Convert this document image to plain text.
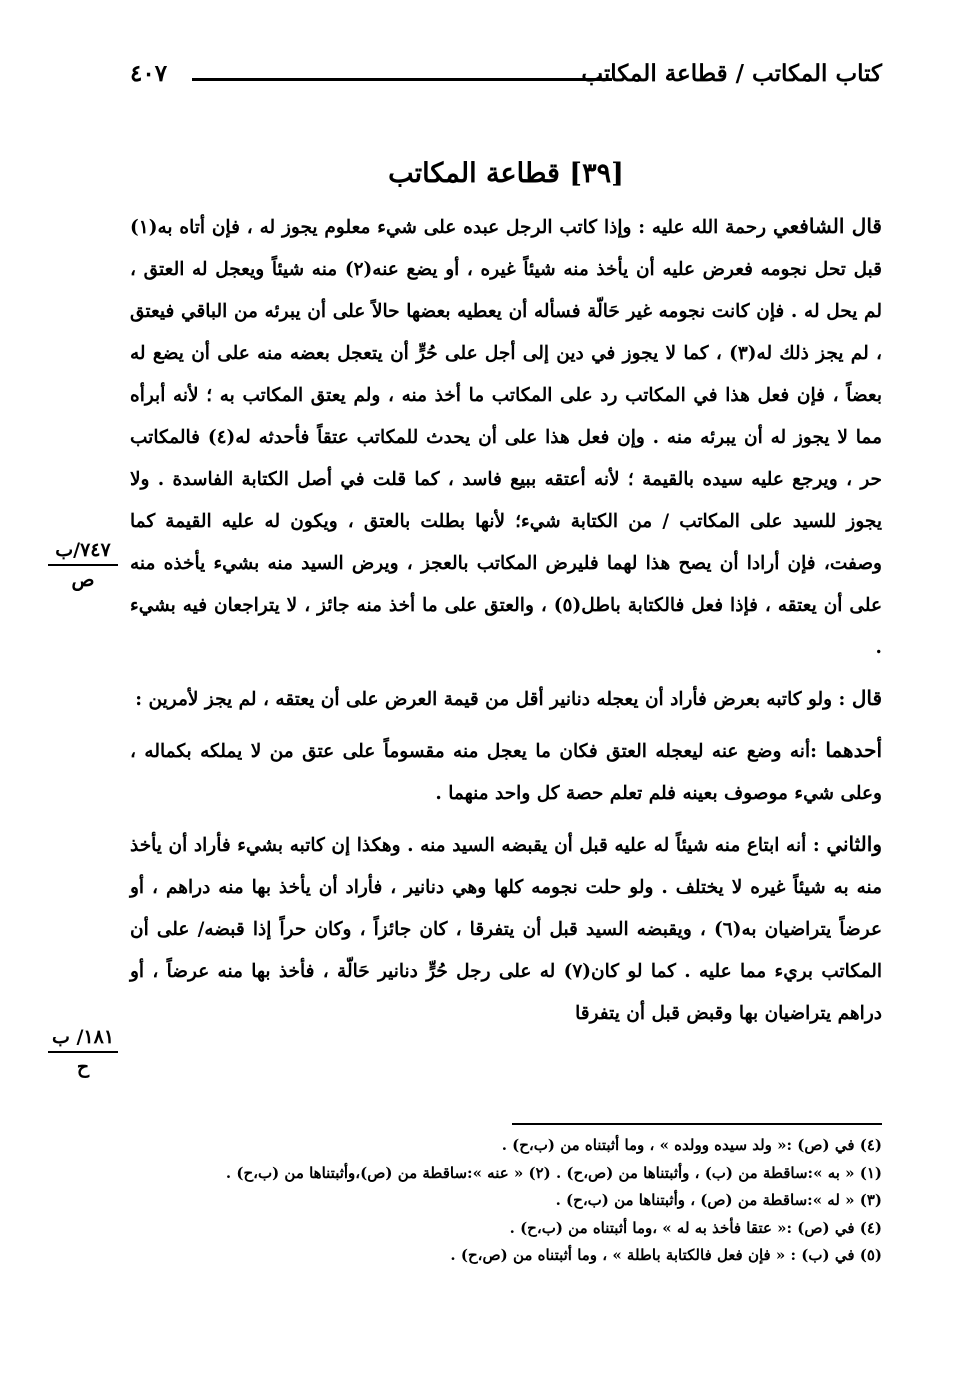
كتاب المكاتب / قطاعة المكاتب
٤٠٧
[٣٩] قطاعة المكاتب

قال الشافعي رحمة الله عليه : وإذا كاتب الرجل عبده على شيء معلوم يجوز له ، فإن أتاه به(١) قبل تحل نجومه فعرض عليه أن يأخذ منه شيئاً غيره ، أو يضع عنه(٢) منه شيئاً ويعجل له العتق ، لم يحل له . فإن كانت نجومه غير حَالّة فسأله أن يعطيه بعضها حالاً على أن يبرئه من الباقي فيعتق ، لم يجز ذلك له(٣) ، كما لا يجوز في دين إلى أجل على حُرٍّ أن يتعجل بعضه منه على أن يضع له بعضاً ، فإن فعل هذا في المكاتب رد على المكاتب ما أخذ منه ، ولم يعتق المكاتب به ؛ لأنه أبرأه مما لا يجوز له أن يبرئه منه . وإن فعل هذا على أن يحدث للمكاتب عتقاً فأحدثه له(٤) فالمكاتب حر ، ويرجع عليه سيده بالقيمة ؛ لأنه أعتقه ببيع فاسد ، كما قلت في أصل الكتابة الفاسدة . ولا يجوز للسيد على المكاتب / من الكتابة شيء؛ لأنها بطلت بالعتق ، ويكون له عليه القيمة كما وصفت، فإن أرادا أن يصح هذا لهما فليرض المكاتب بالعجز ، ويرض السيد منه بشيء يأخذه منه على أن يعتقه ، فإذا فعل فالكتابة باطل(٥) ، والعتق على ما أخذ منه جائز ، لا يتراجعان فيه بشيء .

قال : ولو كاتبه بعرض فأراد أن يعجله دنانير أقل من قيمة العرض على أن يعتقه ، لم يجز لأمرين :

أحدهما :أنه وضع عنه ليعجله العتق فكان ما يعجل منه مقسوماً على عتق من لا يملكه بكماله ، وعلى شيء موصوف بعينه فلم تعلم حصة كل واحد منهما .

والثاني : أنه ابتاع منه شيئاً له عليه قبل أن يقبضه السيد منه . وهكذا إن كاتبه بشيء فأراد أن يأخذ منه به شيئاً غيره لا يختلف . ولو حلت نجومه كلها وهي دنانير ، فأراد أن يأخذ بها منه دراهم ، أو عرضاً يتراضيان به(٦) ، ويقبضه السيد قبل أن يتفرقا ، كان جائزاً ، وكان حراً إذا قبضه/ على أن المكاتب بريء مما عليه . كما لو كان(٧) له على رجل حُرٍّ دنانير حَالّة ، فأخذ بها منه عرضاً ، أو دراهم يتراضيان بها وقبض قبل أن يتفرقا

٧٤٧/ب
ص
١٨١/ ب
ح

(٤) في (ص) :« ولد سيده وولده » ، وما أثبتناه من (ب،ح) .

(١) « به »:ساقطة من (ب) ، وأثبتناها من (ص،ح) . (٢) « عنه »:ساقطة من (ص)،وأثبتناها من (ب،ح) .

(٣) « له »:ساقطة من (ص) ، وأثبتناها من (ب،ح) .

(٤) في (ص) :« عتقا فأخذ به له » ،وما أثبتناه من (ب،ح) .

(٥) في (ب) : « فإن فعل فالكتابة باطلة » ، وما أثبتناه من (ص،ح) .
